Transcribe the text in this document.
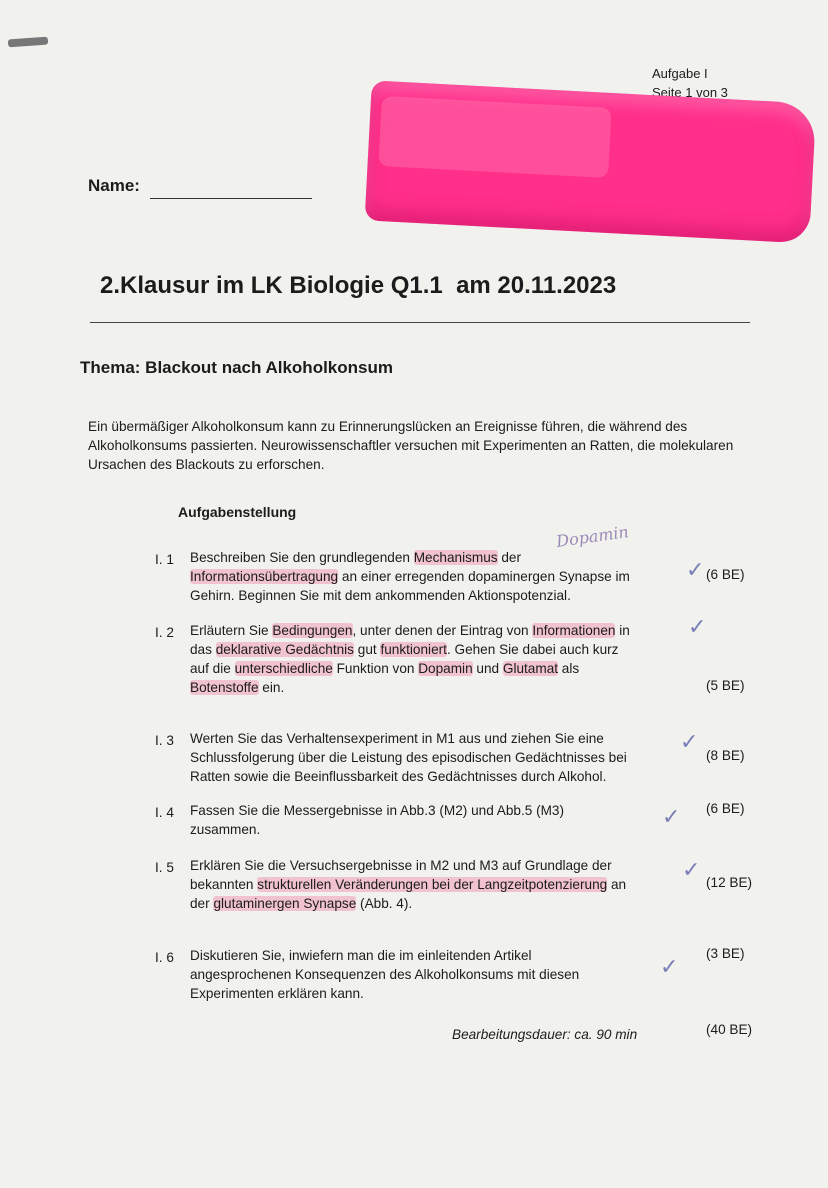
Aufgabe I
Seite 1 von 3
Name:
2.Klausur im LK Biologie Q1.1  am 20.11.2023
Thema: Blackout nach Alkoholkonsum
Ein übermäßiger Alkoholkonsum kann zu Erinnerungslücken an Ereignisse führen, die während des Alkoholkonsums passierten. Neurowissenschaftler versuchen mit Experimenten an Ratten, die molekularen Ursachen des Blackouts zu erforschen.
Aufgabenstellung
Dopamin
I. 1 Beschreiben Sie den grundlegenden Mechanismus der
Informationsübertragung an einer erregenden dopaminergen Synapse im
Gehirn. Beginnen Sie mit dem ankommenden Aktionspotenzial.
(6 BE)
✓
I. 2 Erläutern Sie Bedingungen, unter denen der Eintrag von Informationen in
das deklarative Gedächtnis gut funktioniert. Gehen Sie dabei auch kurz
auf die unterschiedliche Funktion von Dopamin und Glutamat als
Botenstoffe ein.	(5 BE)
✓
I. 3 Werten Sie das Verhaltensexperiment in M1 aus und ziehen Sie eine
Schlussfolgerung über die Leistung des episodischen Gedächtnisses bei
Ratten sowie die Beeinflussbarkeit des Gedächtnisses durch Alkohol.
(8 BE)
✓
I. 4 Fassen Sie die Messergebnisse in Abb.3 (M2) und Abb.5 (M3)
zusammen.
(6 BE)
✓
I. 5 Erklären Sie die Versuchsergebnisse in M2 und M3 auf Grundlage der
bekannten strukturellen Veränderungen bei der Langzeitpotenzierung an
der glutaminergen Synapse (Abb. 4).
(12 BE)
✓
I. 6 Diskutieren Sie, inwiefern man die im einleitenden Artikel
angesprochenen Konsequenzen des Alkoholkonsums mit diesen
Experimenten erklären kann.
(3 BE)
✓
Bearbeitungsdauer: ca. 90 min	(40 BE)
